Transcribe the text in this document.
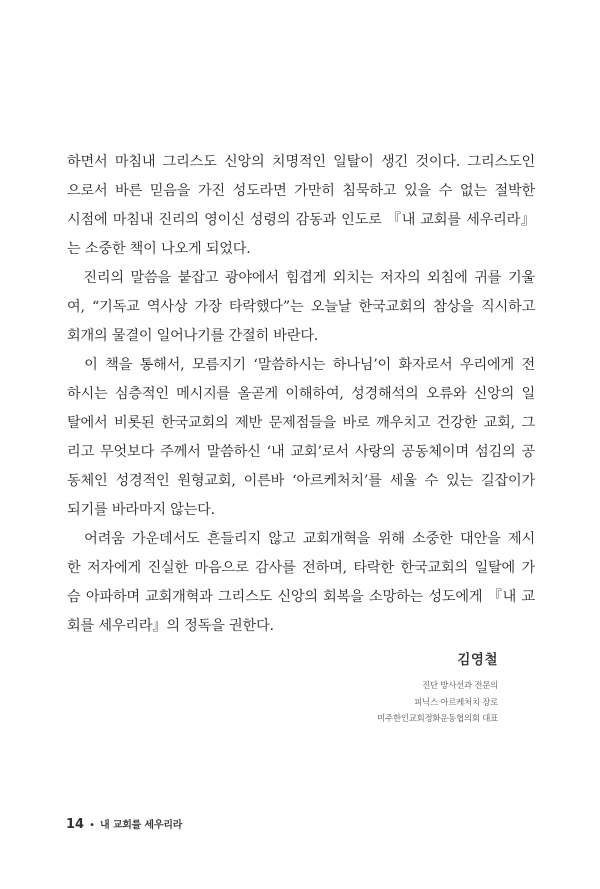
하면서 마침내 그리스도 신앙의 치명적인 일탈이 생긴 것이다. 그리스도인
으로서 바른 믿음을 가진 성도라면 가만히 침묵하고 있을 수 없는 절박한
시점에 마침내 진리의 영이신 성령의 감동과 인도로 『내 교회를 세우리라』
는 소중한 책이 나오게 되었다.
　진리의 말씀을 붙잡고 광야에서 힘겹게 외치는 저자의 외침에 귀를 기울
여, “기독교 역사상 가장 타락했다”는 오늘날 한국교회의 참상을 직시하고
회개의 물결이 일어나기를 간절히 바란다.
　이 책을 통해서, 모름지기 ‘말씀하시는 하나님’이 화자로서 우리에게 전
하시는 심층적인 메시지를 올곧게 이해하여, 성경해석의 오류와 신앙의 일
탈에서 비롯된 한국교회의 제반 문제점들을 바로 깨우치고 건강한 교회, 그
리고 무엇보다 주께서 말씀하신 ‘내 교회’로서 사랑의 공동체이며 섬김의 공
동체인 성경적인 원형교회, 이른바 ‘아르케처치’를 세울 수 있는 길잡이가
되기를 바라마지 않는다.
　어려움 가운데서도 흔들리지 않고 교회개혁을 위해 소중한 대안을 제시
한 저자에게 진실한 마음으로 감사를 전하며, 타락한 한국교회의 일탈에 가
슴 아파하며 교회개혁과 그리스도 신앙의 회복을 소망하는 성도에게 『내 교
회를 세우리라』의 정독을 권한다.
김영철
진단 방사선과 전문의
피닉스 아르케처치 장로
미주한인교회정화운동협의회 대표
14 • 내 교회를 세우리라
